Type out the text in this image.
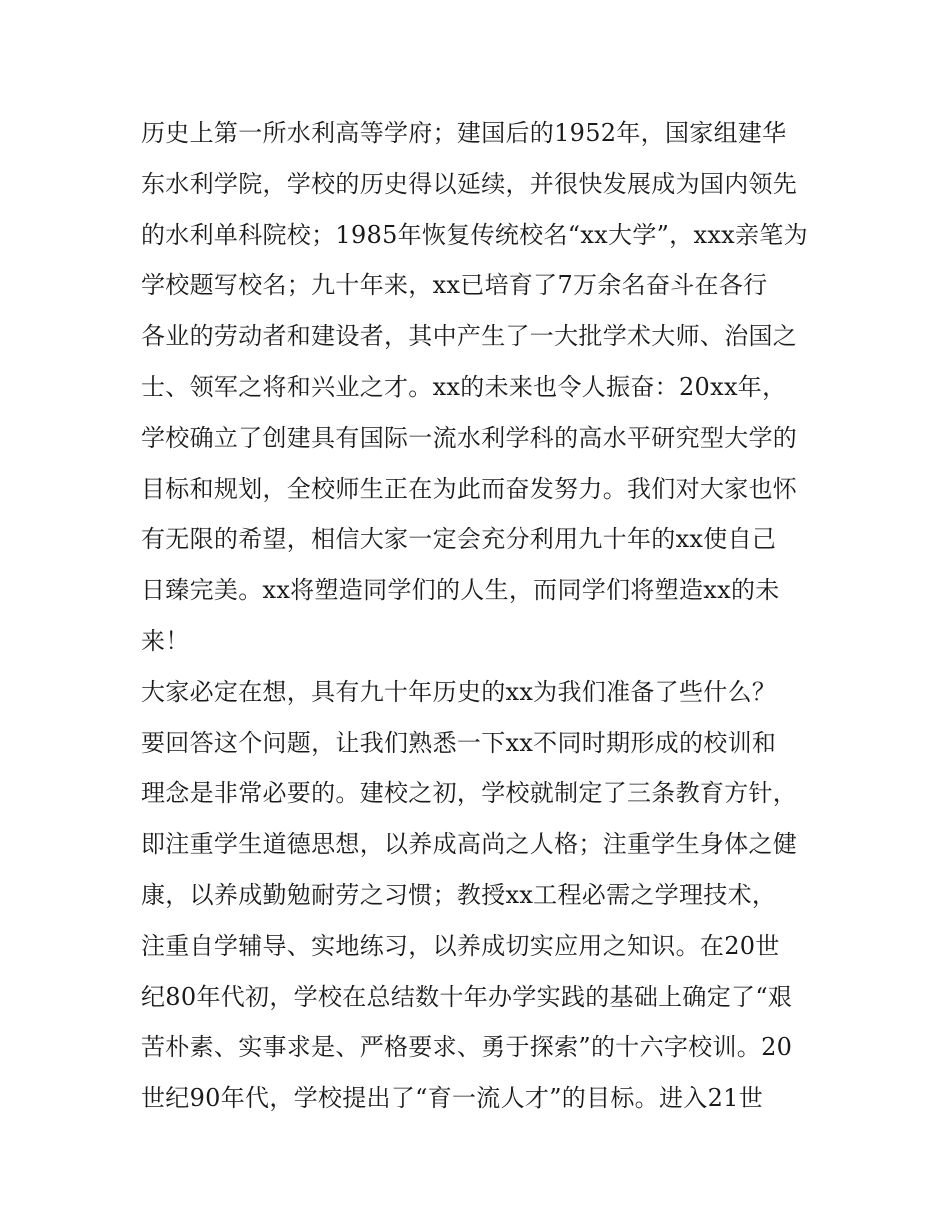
历史上第一所水利高等学府；建国后的1952年，国家组建华
东水利学院，学校的历史得以延续，并很快发展成为国内领先
的水利单科院校；1985年恢复传统校名“xx大学”，xxx亲笔为
学校题写校名；九十年来，xx已培育了7万余名奋斗在各行
各业的劳动者和建设者，其中产生了一大批学术大师、治国之
士、领军之将和兴业之才。xx的未来也令人振奋：20xx年，
学校确立了创建具有国际一流水利学科的高水平研究型大学的
目标和规划，全校师生正在为此而奋发努力。我们对大家也怀
有无限的希望，相信大家一定会充分利用九十年的xx使自己
日臻完美。xx将塑造同学们的人生，而同学们将塑造xx的未
来！
大家必定在想，具有九十年历史的xx为我们准备了些什么？
要回答这个问题，让我们熟悉一下xx不同时期形成的校训和
理念是非常必要的。建校之初，学校就制定了三条教育方针，
即注重学生道德思想，以养成高尚之人格；注重学生身体之健
康，以养成勤勉耐劳之习惯；教授xx工程必需之学理技术，
注重自学辅导、实地练习，以养成切实应用之知识。在20世
纪80年代初，学校在总结数十年办学实践的基础上确定了“艰
苦朴素、实事求是、严格要求、勇于探索”的十六字校训。20
世纪90年代，学校提出了“育一流人才”的目标。进入21世
